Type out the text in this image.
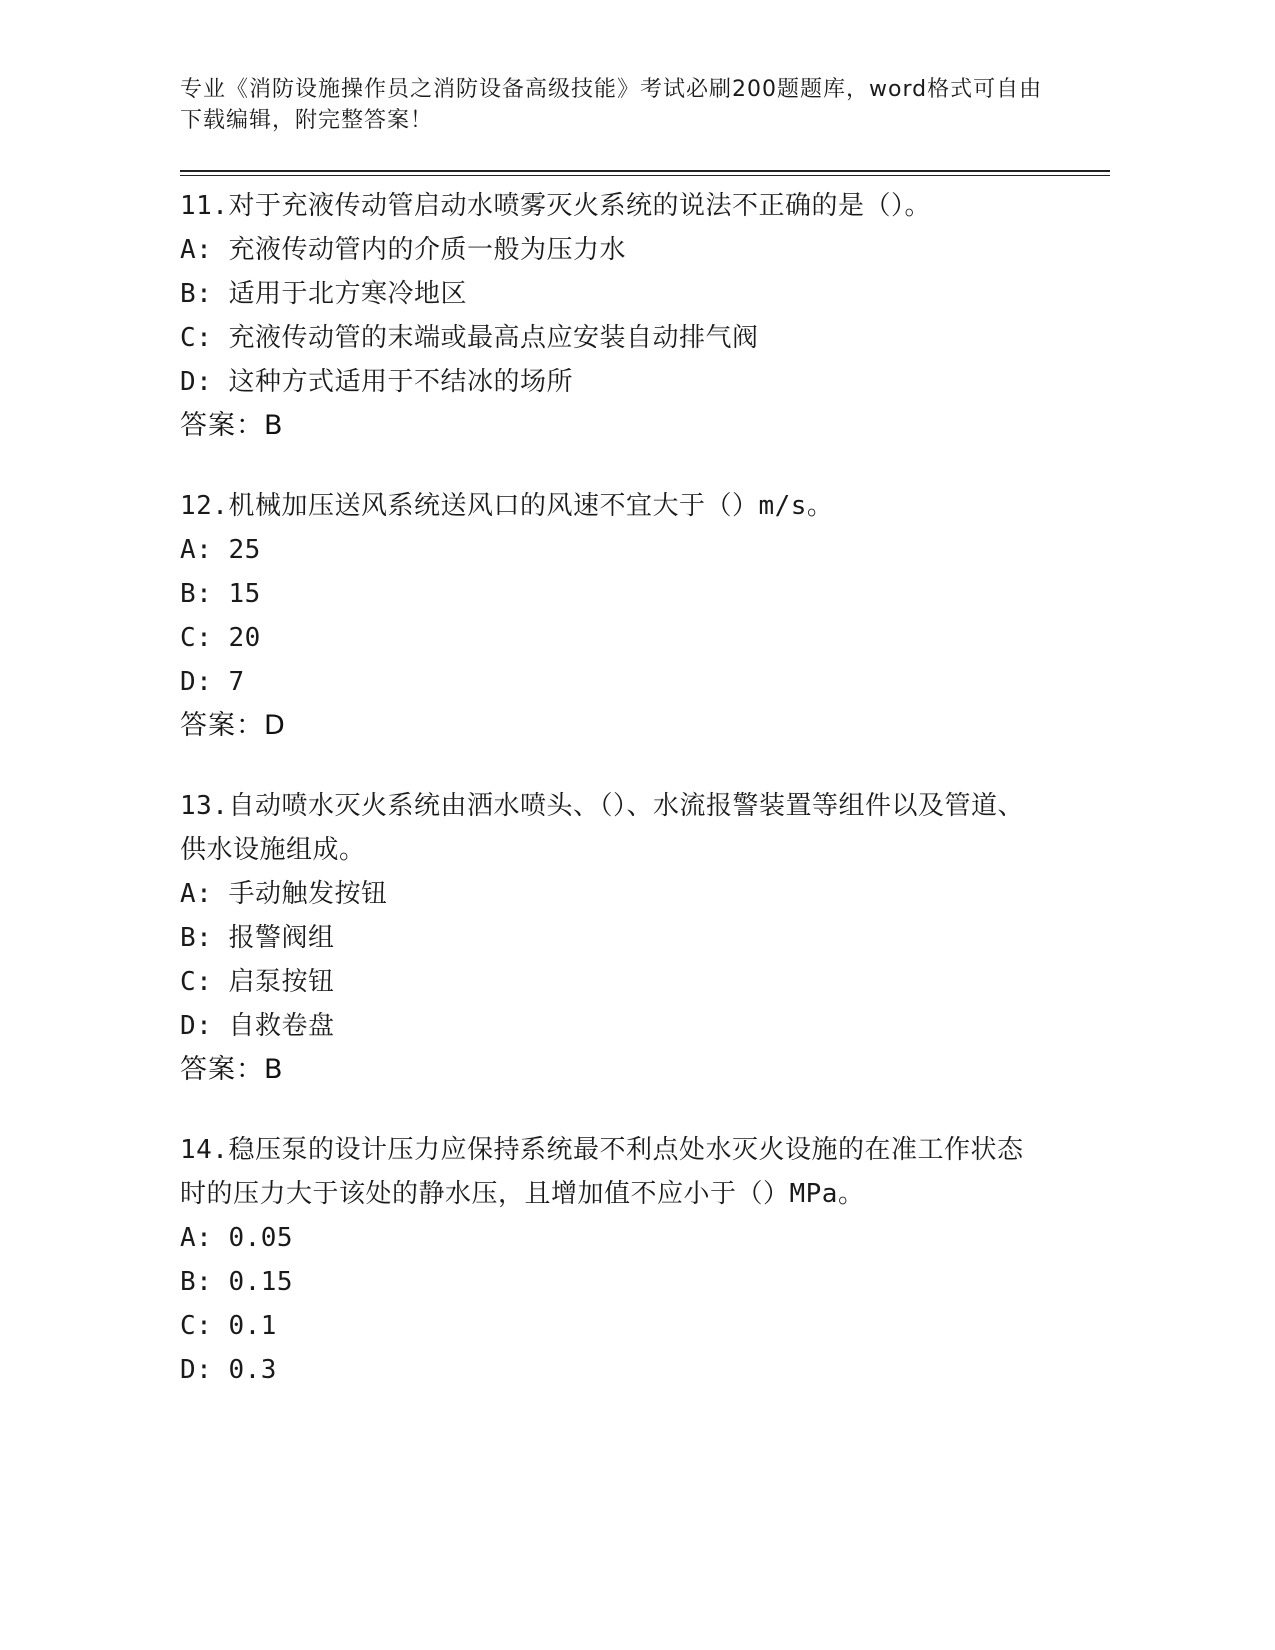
专业《消防设施操作员之消防设备高级技能》考试必刷200题题库，word格式可自由下载编辑，附完整答案！
11.对于充液传动管启动水喷雾灭火系统的说法不正确的是（）。
A: 充液传动管内的介质一般为压力水
B: 适用于北方寒冷地区
C: 充液传动管的末端或最高点应安装自动排气阀
D: 这种方式适用于不结冰的场所
答案：B
12.机械加压送风系统送风口的风速不宜大于（）m/s。
A: 25
B: 15
C: 20
D: 7
答案：D
13.自动喷水灭火系统由洒水喷头、（）、水流报警装置等组件以及管道、供水设施组成。
A: 手动触发按钮
B: 报警阀组
C: 启泵按钮
D: 自救卷盘
答案：B
14.稳压泵的设计压力应保持系统最不利点处水灭火设施的在准工作状态时的压力大于该处的静水压，且增加值不应小于（）MPa。
A: 0.05
B: 0.15
C: 0.1
D: 0.3
